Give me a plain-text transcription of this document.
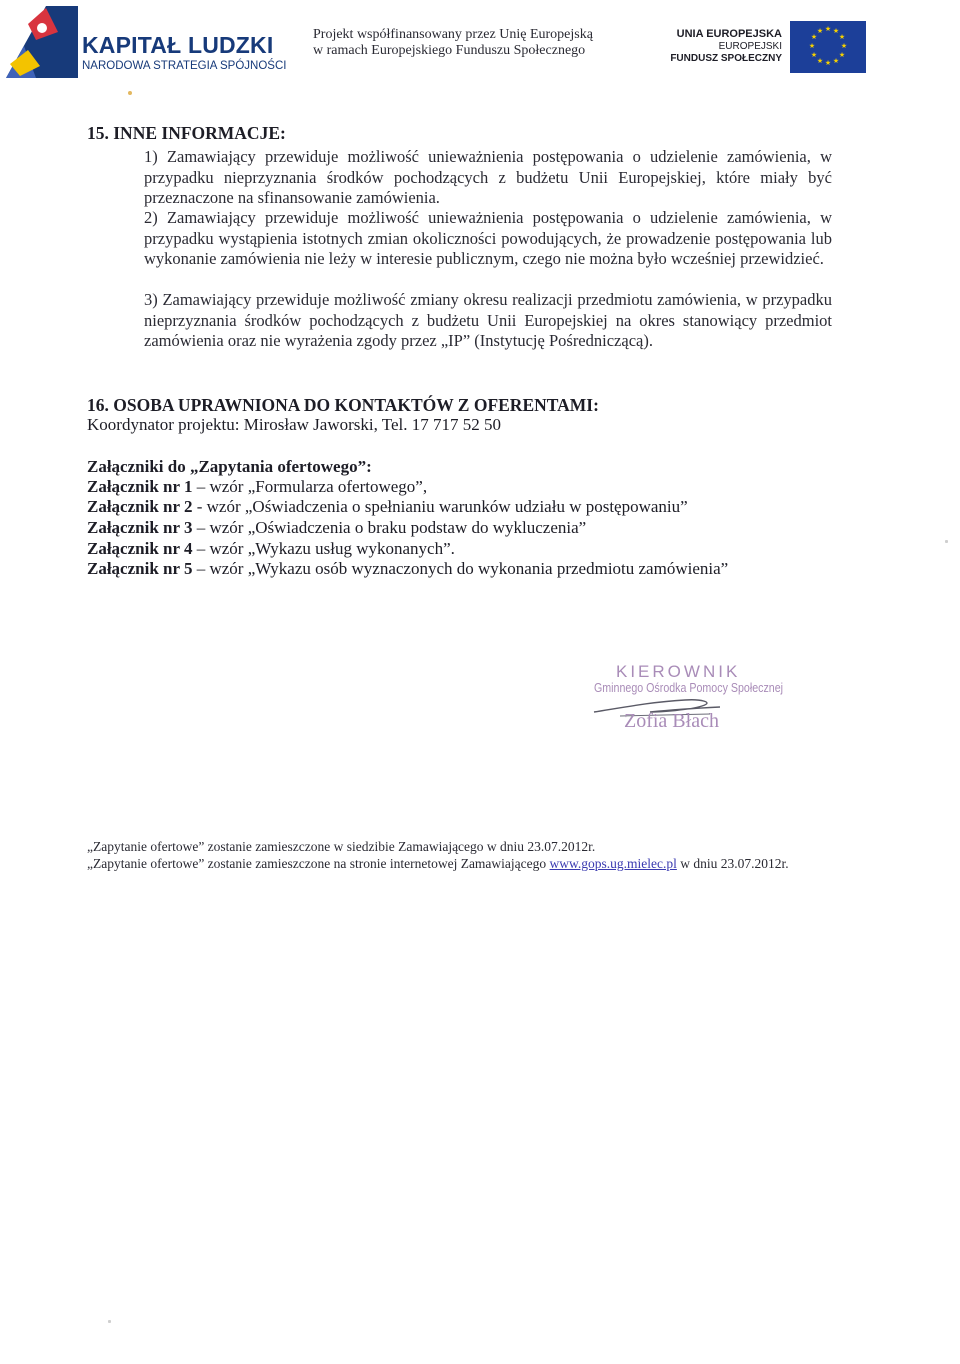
KAPITAŁ LUDZKI
NARODOWA STRATEGIA SPÓJNOŚCI
Projekt współfinansowany przez Unię Europejską
w ramach Europejskiego Funduszu Społecznego
UNIA EUROPEJSKA
EUROPEJSKI
FUNDUSZ SPOŁECZNY
★ ★
★
★
★
★
★
★
★
★
★
★
15. INNE INFORMACJE:
1) Zamawiający przewiduje możliwość unieważnienia postępowania o udzielenie zamówienia, w przypadku nieprzyznania środków pochodzących z budżetu Unii Europejskiej, które miały być przeznaczone na sfinansowanie zamówienia.
2) Zamawiający przewiduje możliwość unieważnienia postępowania o udzielenie zamówienia, w przypadku wystąpienia istotnych zmian okoliczności powodujących, że prowadzenie postępowania lub wykonanie zamówienia nie leży w interesie publicznym, czego nie można było wcześniej przewidzieć.
3) Zamawiający przewiduje możliwość zmiany okresu realizacji przedmiotu zamówienia, w przypadku nieprzyznania środków pochodzących z budżetu Unii Europejskiej na okres stanowiący przedmiot zamówienia oraz nie wyrażenia zgody przez „IP” (Instytucję Pośredniczącą).
16. OSOBA UPRAWNIONA DO KONTAKTÓW Z OFERENTAMI:
Koordynator projektu: Mirosław Jaworski, Tel. 17 717 52 50
Załączniki do „Zapytania ofertowego”:
Załącznik nr 1 – wzór „Formularza ofertowego”,
Załącznik nr 2 - wzór „Oświadczenia o spełnianiu warunków udziału w postępowaniu”
Załącznik nr 3 – wzór „Oświadczenia o braku podstaw do wykluczenia”
Załącznik nr 4 – wzór „Wykazu usług wykonanych”.
Załącznik nr 5 – wzór „Wykazu osób wyznaczonych do wykonania przedmiotu zamówienia”
KIEROWNIK
Gminnego Ośrodka Pomocy Społecznej
Zofia Błach
„Zapytanie ofertowe” zostanie zamieszczone w siedzibie Zamawiającego w dniu 23.07.2012r.
„Zapytanie ofertowe” zostanie zamieszczone na stronie internetowej Zamawiającego www.gops.ug.mielec.pl w dniu 23.07.2012r.
